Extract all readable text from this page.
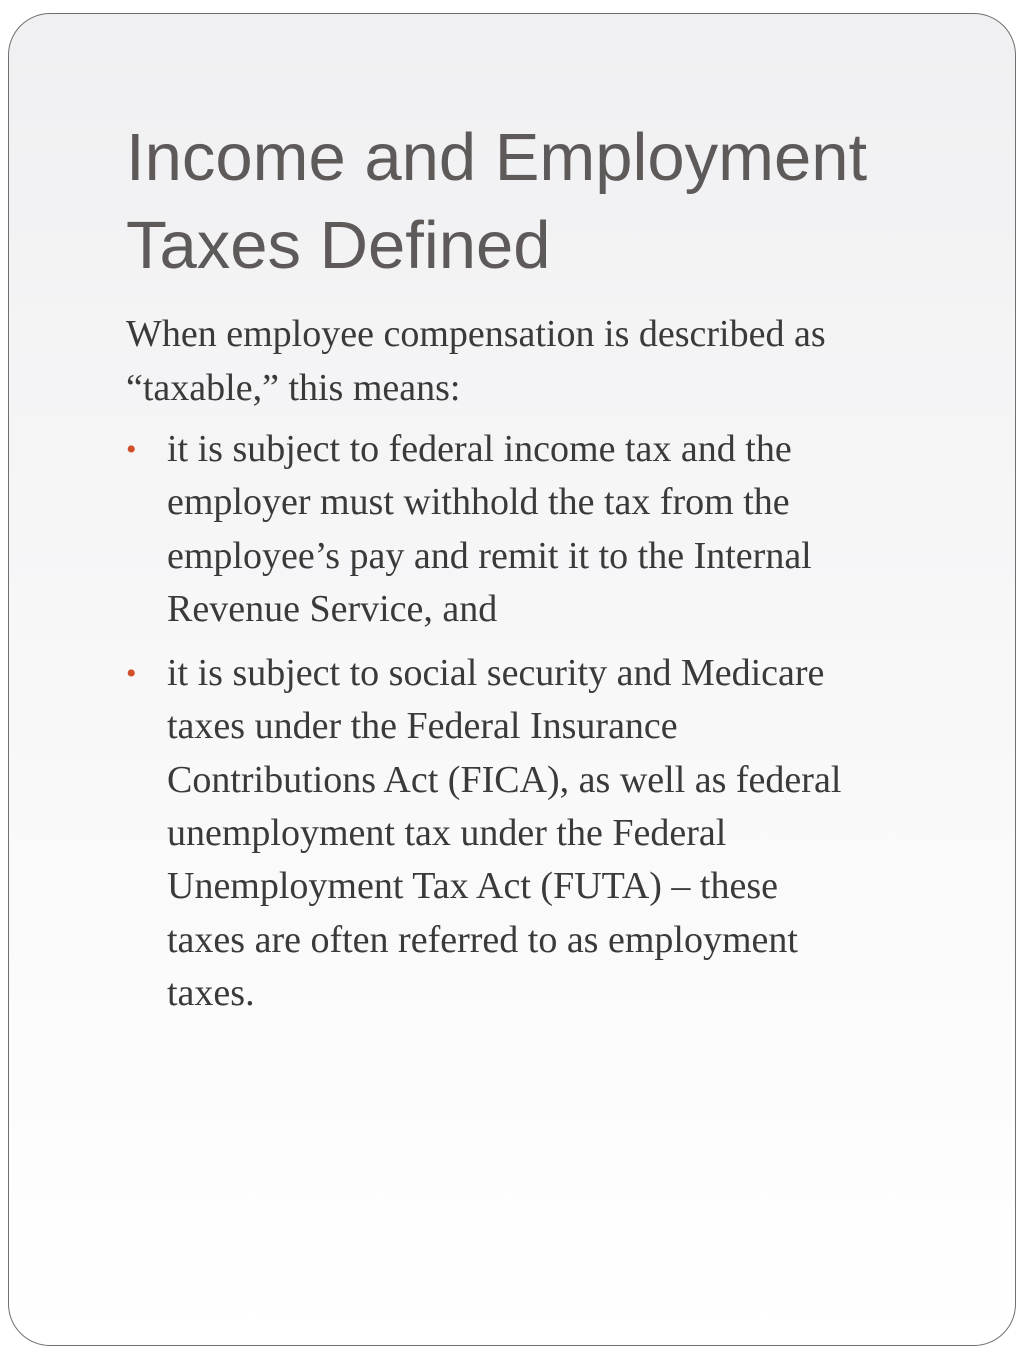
Income and Employment
Taxes Defined

When employee compensation is described as
“taxable,” this means:

• it is subject to federal income tax and the
employer must withhold the tax from the
employee’s pay and remit it to the Internal
Revenue Service, and
• it is subject to social security and Medicare
taxes under the Federal Insurance
Contributions Act (FICA), as well as federal
unemployment tax under the Federal
Unemployment Tax Act (FUTA) – these
taxes are often referred to as employment
taxes.
